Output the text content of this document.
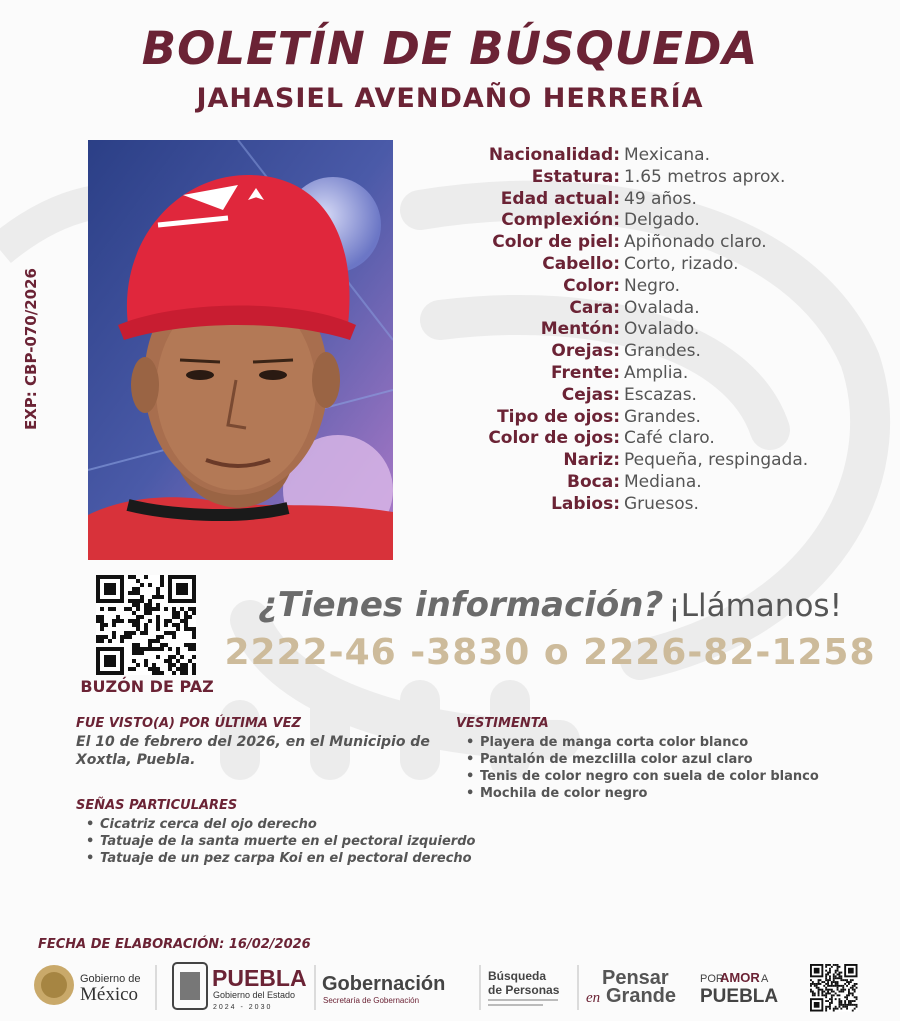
BOLETÍN DE BÚSQUEDA
JAHASIEL AVENDAÑO HERRERÍA
EXP: CBP-070/2026
Nacionalidad: Mexicana.
Estatura: 1.65 metros aprox.
Edad actual: 49 años.
Complexión: Delgado.
Color de piel: Apiñonado claro.
Cabello: Corto, rizado.
Color: Negro.
Cara: Ovalada.
Mentón: Ovalado.
Orejas: Grandes.
Frente: Amplia.
Cejas: Escazas.
Tipo de ojos: Grandes.
Color de ojos: Café claro.
Nariz: Pequeña, respingada.
Boca: Mediana.
Labios: Gruesos.
BUZÓN DE PAZ
¿Tienes información? ¡Llámanos!
2222-46 -3830 o 2226-82-1258
FUE VISTO(A) POR ÚLTIMA VEZ
El 10 de febrero del 2026, en el Municipio de Xoxtla, Puebla.
VESTIMENTA
• Playera de manga corta color blanco
• Pantalón de mezclilla color azul claro
• Tenis de color negro con suela de color blanco
• Mochila de color negro
SEÑAS PARTICULARES
• Cicatriz cerca del ojo derecho
• Tatuaje de la santa muerte en el pectoral izquierdo
• Tatuaje de un pez carpa Koi en el pectoral derecho
FECHA DE ELABORACIÓN: 16/02/2026
Gobierno de
México
PUEBLA
Gobierno del Estado
2024 - 2030
Gobernación
Secretaría de Gobernación
Búsqueda
de Personas
Pensar
en Grande
POR
AMOR A
PUEBLA
